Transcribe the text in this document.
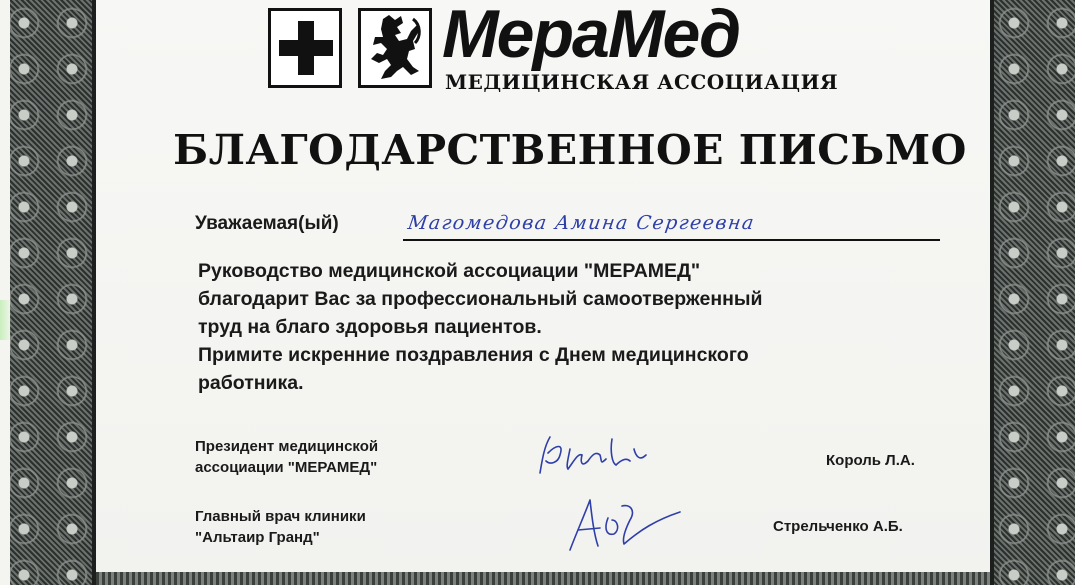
МераМед
МЕДИЦИНСКАЯ АССОЦИАЦИЯ
БЛАГОДАРСТВЕННОЕ ПИСЬМО
Уважаемая(ый)	Магомедова Амина Сергеевна
Руководство медицинской ассоциации "МЕРАМЕД"
благодарит Вас за профессиональный самоотверженный
труд на благо здоровья пациентов.
Примите искренние поздравления с Днем медицинского
работника.
Президент медицинской
ассоциации "МЕРАМЕД"	Король Л.А.
Главный врач клиники
"Альтаир Гранд"
Стрельченко А.Б.
